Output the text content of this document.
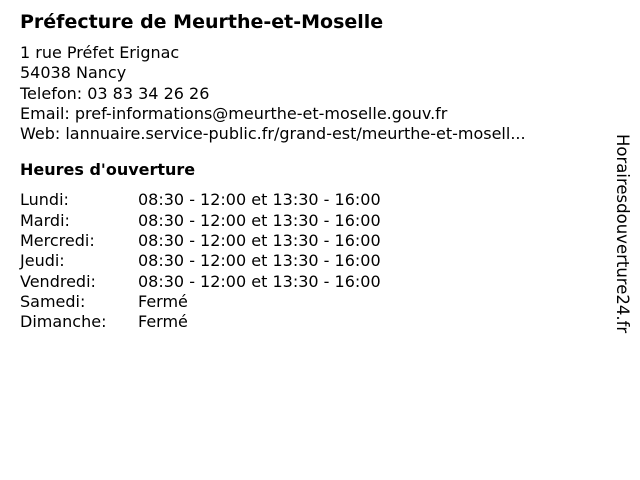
Préfecture de Meurthe-et-Moselle
1 rue Préfet Erignac
54038 Nancy
Telefon: 03 83 34 26 26
Email: pref-informations@meurthe-et-moselle.gouv.fr
Web: lannuaire.service-public.fr/grand-est/meurthe-et-mosell...
Heures d'ouverture
Lundi:	08:30 - 12:00 et 13:30 - 16:00
Mardi:	08:30 - 12:00 et 13:30 - 16:00
Mercredi:	08:30 - 12:00 et 13:30 - 16:00
Jeudi:	08:30 - 12:00 et 13:30 - 16:00
Vendredi:	08:30 - 12:00 et 13:30 - 16:00
Samedi:	Fermé
Dimanche:	Fermé	Horairesdouverture24.fr
